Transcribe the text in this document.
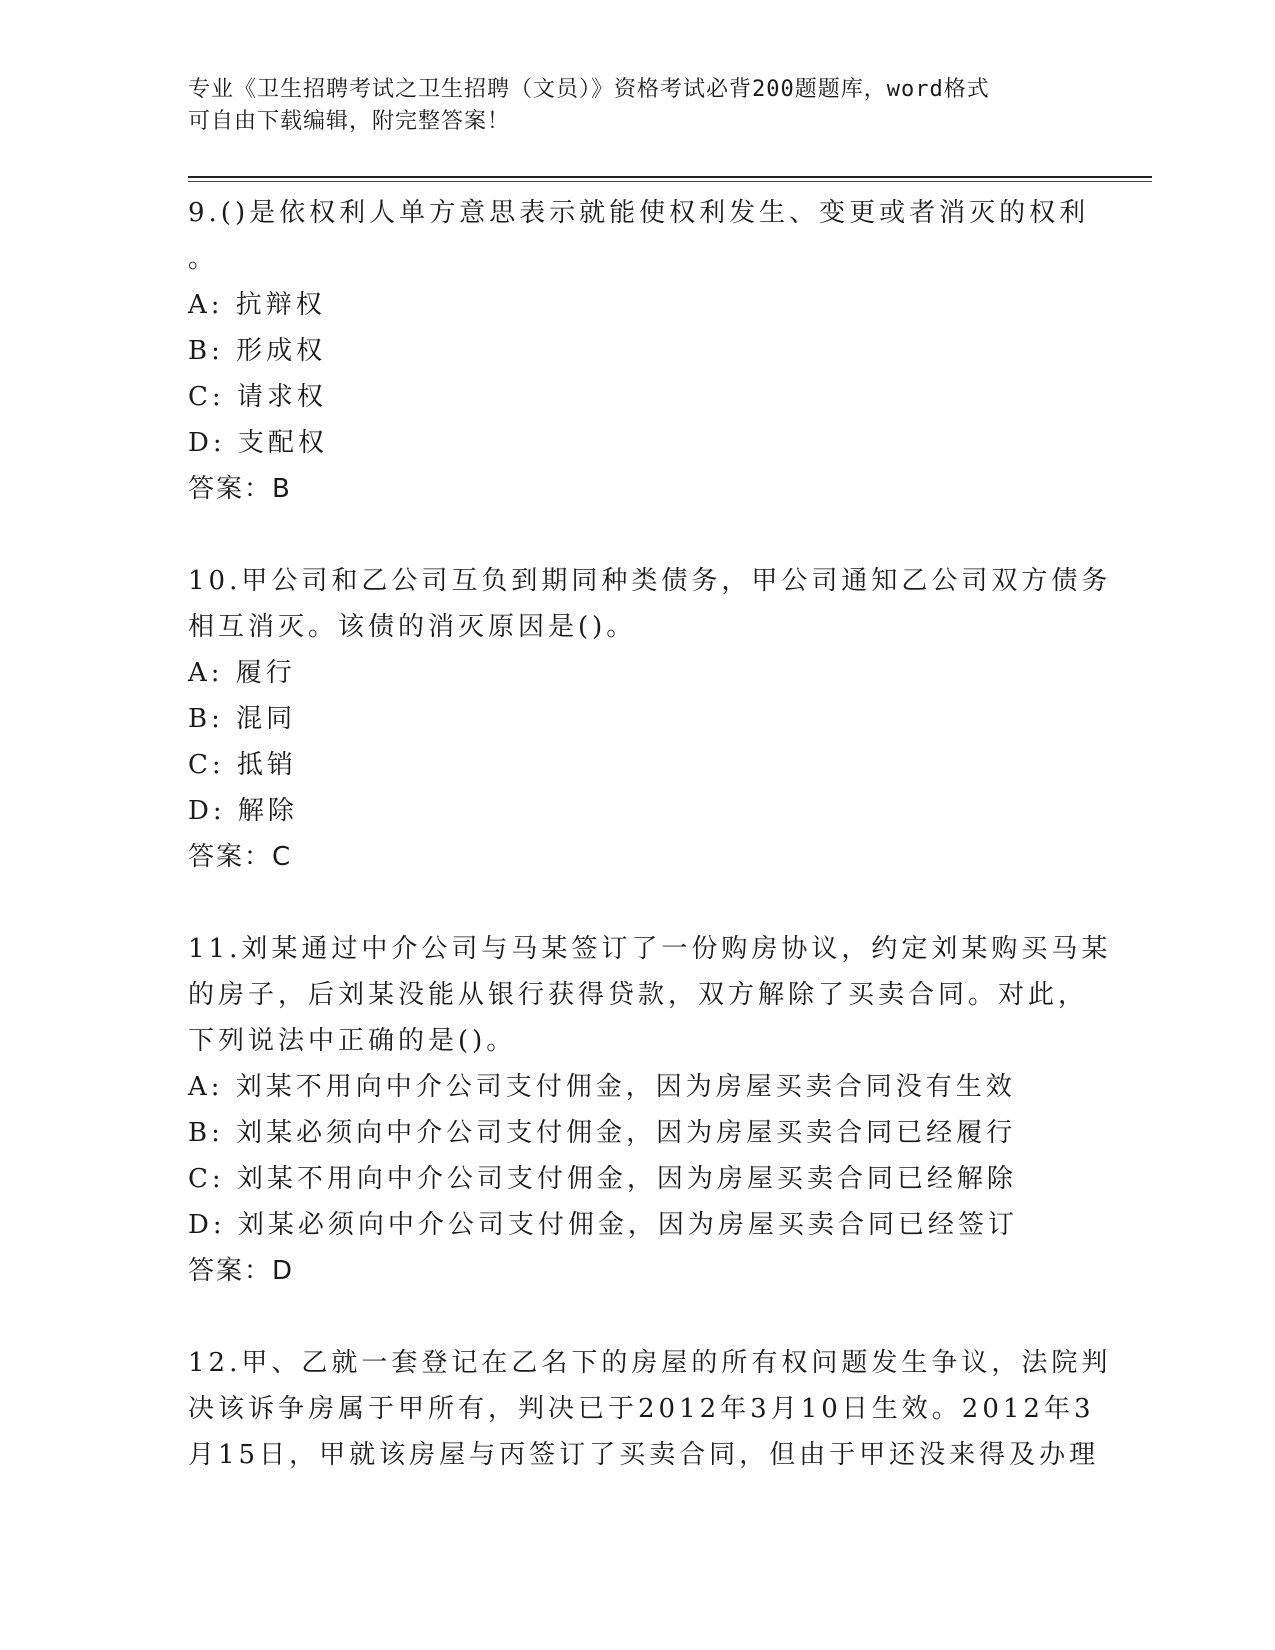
专业《卫生招聘考试之卫生招聘（文员）》资格考试必背200题题库，word格式
可自由下载编辑，附完整答案！
9.()是依权利人单方意思表示就能使权利发生、变更或者消灭的权利
。
A: 抗辩权
B: 形成权
C: 请求权
D: 支配权
答案：B
10.甲公司和乙公司互负到期同种类债务，甲公司通知乙公司双方债务
相互消灭。该债的消灭原因是()。
A: 履行
B: 混同
C: 抵销
D: 解除
答案：C
11.刘某通过中介公司与马某签订了一份购房协议，约定刘某购买马某
的房子，后刘某没能从银行获得贷款，双方解除了买卖合同。对此，
下列说法中正确的是()。
A: 刘某不用向中介公司支付佣金，因为房屋买卖合同没有生效
B: 刘某必须向中介公司支付佣金，因为房屋买卖合同已经履行
C: 刘某不用向中介公司支付佣金，因为房屋买卖合同已经解除
D: 刘某必须向中介公司支付佣金，因为房屋买卖合同已经签订
答案：D
12.甲、乙就一套登记在乙名下的房屋的所有权问题发生争议，法院判
决该诉争房属于甲所有，判决已于2012年3月10日生效。2012年3
月15日，甲就该房屋与丙签订了买卖合同，但由于甲还没来得及办理
